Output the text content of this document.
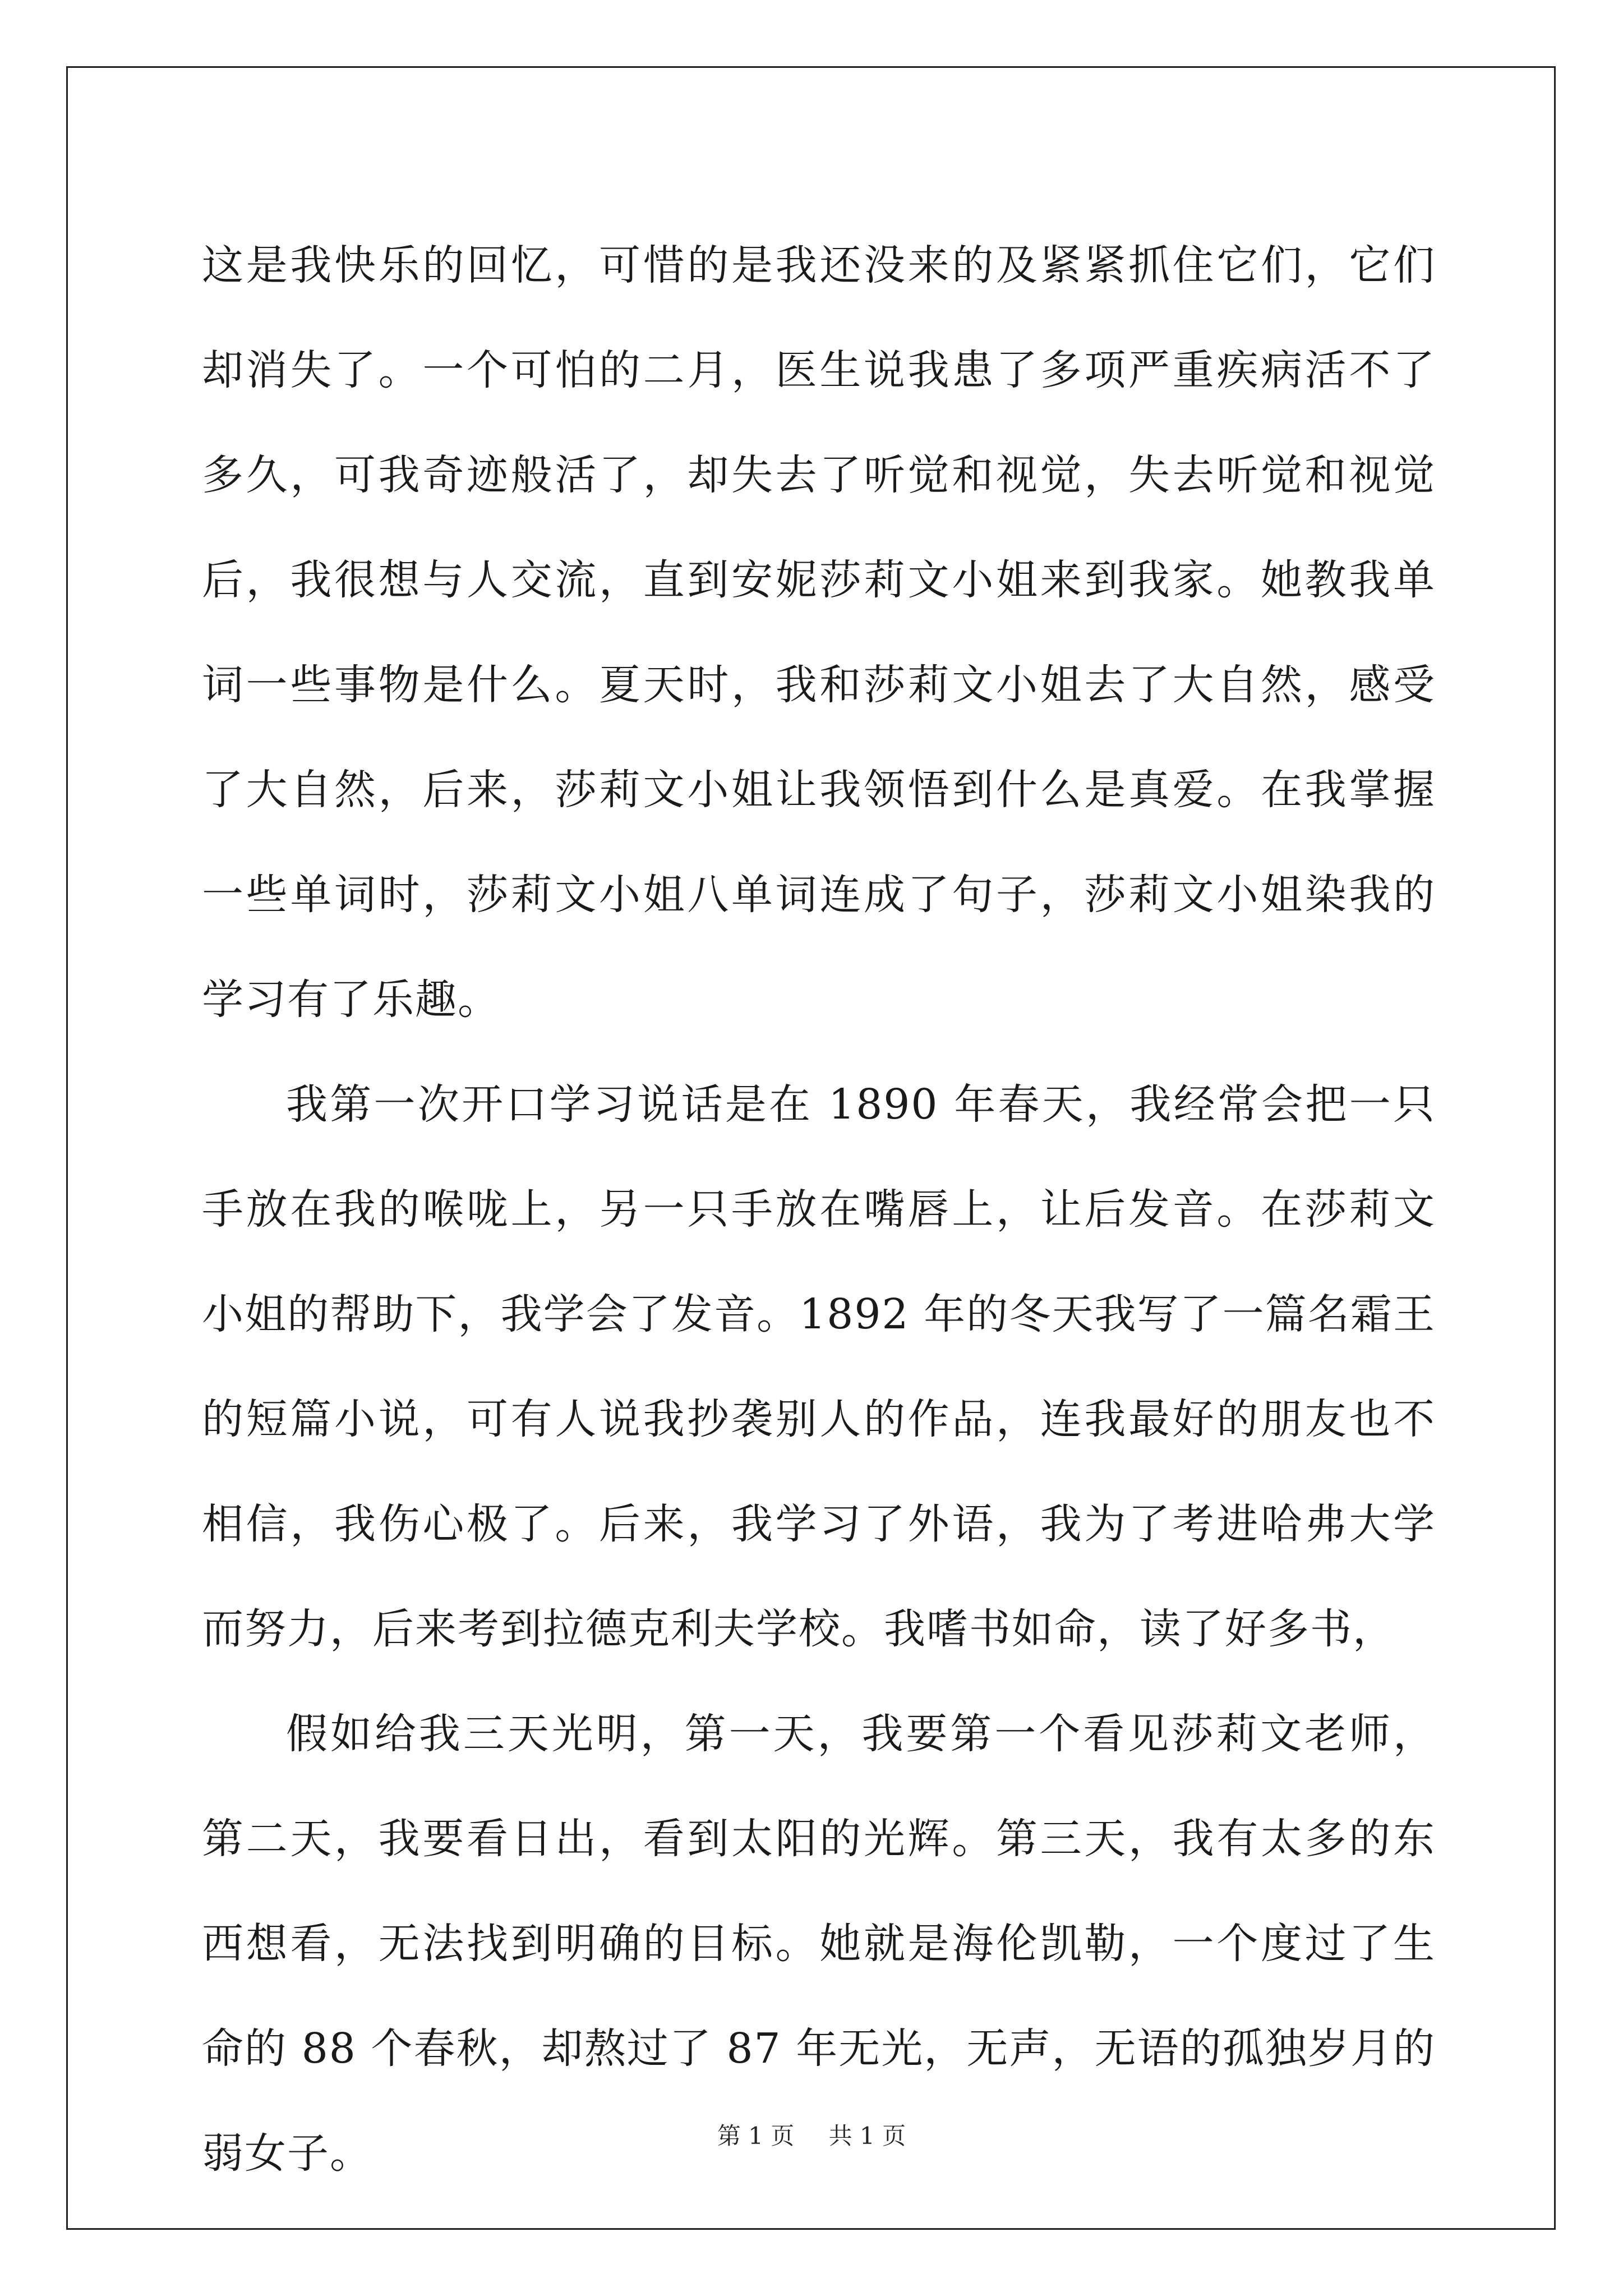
这是我快乐的回忆，可惜的是我还没来的及紧紧抓住它们，它们却消失了。一个可怕的二月，医生说我患了多项严重疾病活不了多久，可我奇迹般活了，却失去了听觉和视觉，失去听觉和视觉后，我很想与人交流，直到安妮莎莉文小姐来到我家。她教我单词一些事物是什么。夏天时，我和莎莉文小姐去了大自然，感受了大自然，后来，莎莉文小姐让我领悟到什么是真爱。在我掌握一些单词时，莎莉文小姐八单词连成了句子，莎莉文小姐染我的学习有了乐趣。

我第一次开口学习说话是在 1890 年春天，我经常会把一只手放在我的喉咙上，另一只手放在嘴唇上，让后发音。在莎莉文小姐的帮助下，我学会了发音。1892 年的冬天我写了一篇名霜王的短篇小说，可有人说我抄袭别人的作品，连我最好的朋友也不相信，我伤心极了。后来，我学习了外语，我为了考进哈弗大学而努力，后来考到拉德克利夫学校。我嗜书如命，读了好多书，

假如给我三天光明，第一天，我要第一个看见莎莉文老师，第二天，我要看日出，看到太阳的光辉。第三天，我有太多的东西想看，无法找到明确的目标。她就是海伦凯勒，一个度过了生命的 88 个春秋，却熬过了 87 年无光，无声，无语的孤独岁月的弱女子。	第 1 页 共 1 页
